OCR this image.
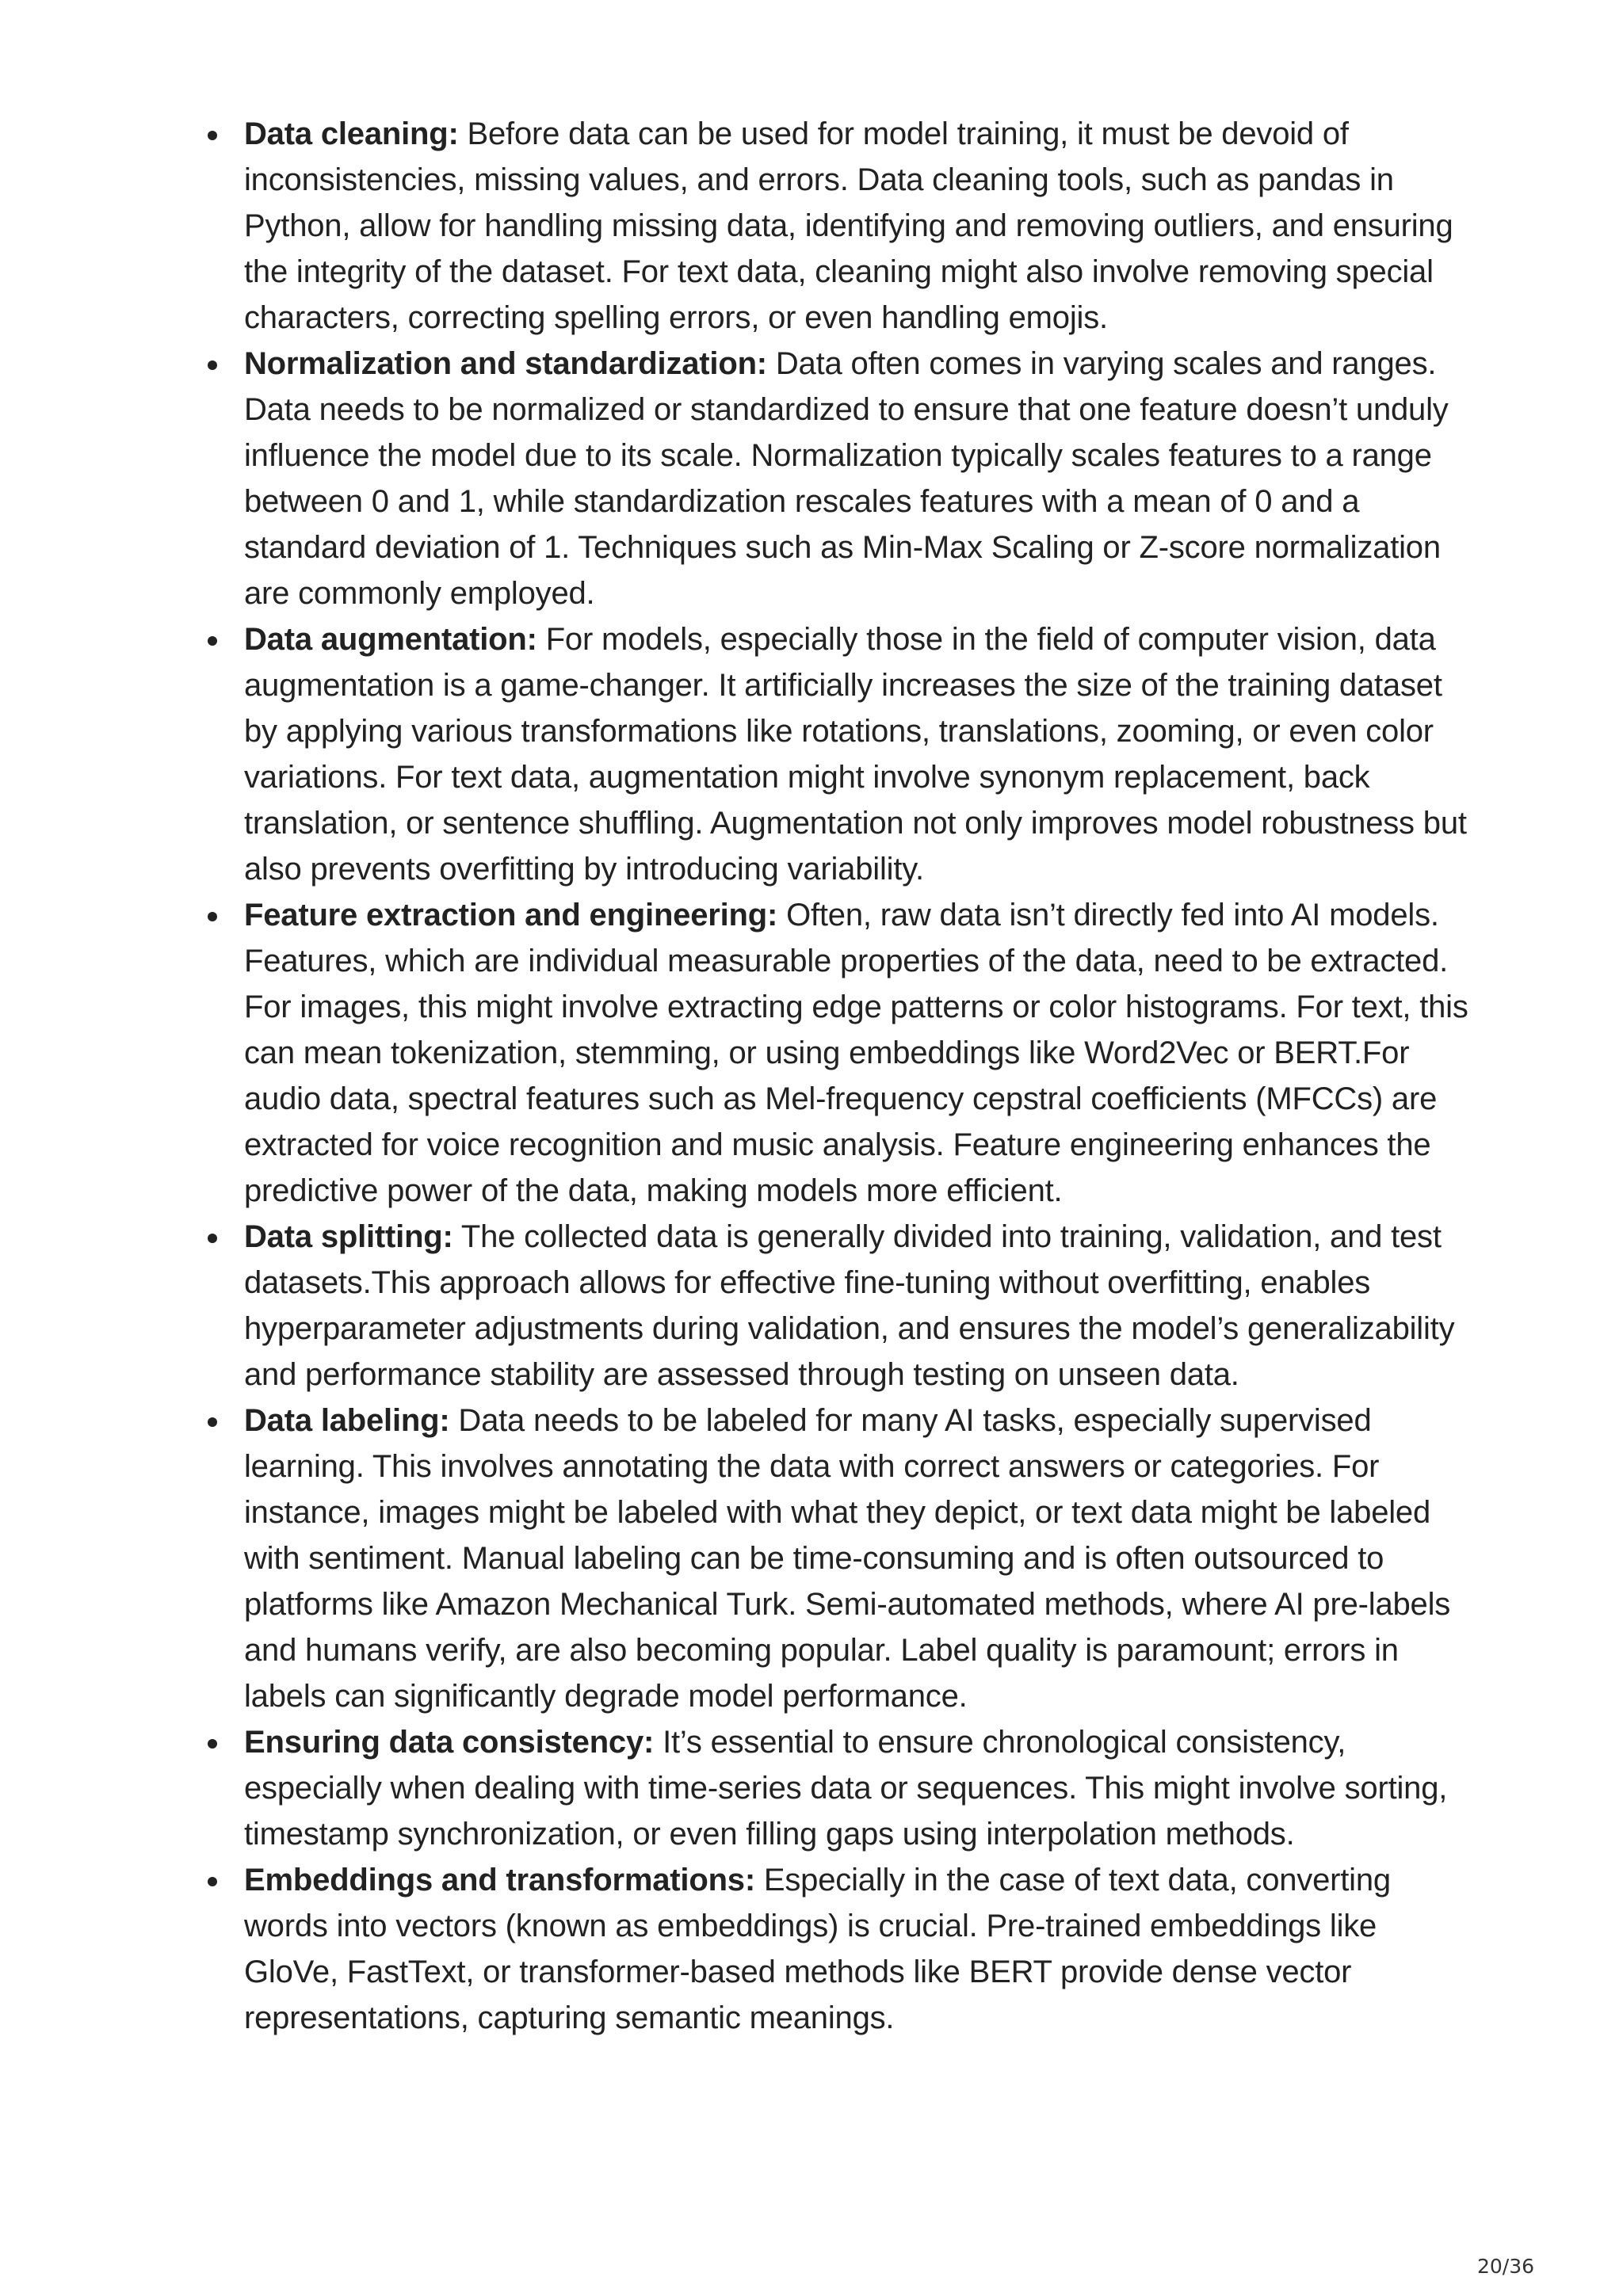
Data cleaning: Before data can be used for model training, it must be devoid of inconsistencies, missing values, and errors. Data cleaning tools, such as pandas in Python, allow for handling missing data, identifying and removing outliers, and ensuring the integrity of the dataset. For text data, cleaning might also involve removing special characters, correcting spelling errors, or even handling emojis.
Normalization and standardization: Data often comes in varying scales and ranges. Data needs to be normalized or standardized to ensure that one feature doesn’t unduly influence the model due to its scale. Normalization typically scales features to a range between 0 and 1, while standardization rescales features with a mean of 0 and a standard deviation of 1. Techniques such as Min-Max Scaling or Z-score normalization are commonly employed.
Data augmentation: For models, especially those in the field of computer vision, data augmentation is a game-changer. It artificially increases the size of the training dataset by applying various transformations like rotations, translations, zooming, or even color variations. For text data, augmentation might involve synonym replacement, back translation, or sentence shuffling. Augmentation not only improves model robustness but also prevents overfitting by introducing variability.
Feature extraction and engineering: Often, raw data isn’t directly fed into AI models. Features, which are individual measurable properties of the data, need to be extracted. For images, this might involve extracting edge patterns or color histograms. For text, this can mean tokenization, stemming, or using embeddings like Word2Vec or BERT.For audio data, spectral features such as Mel-frequency cepstral coefficients (MFCCs) are extracted for voice recognition and music analysis. Feature engineering enhances the predictive power of the data, making models more efficient.
Data splitting: The collected data is generally divided into training, validation, and test datasets.This approach allows for effective fine-tuning without overfitting, enables hyperparameter adjustments during validation, and ensures the model’s generalizability and performance stability are assessed through testing on unseen data.
Data labeling: Data needs to be labeled for many AI tasks, especially supervised learning. This involves annotating the data with correct answers or categories. For instance, images might be labeled with what they depict, or text data might be labeled with sentiment. Manual labeling can be time-consuming and is often outsourced to platforms like Amazon Mechanical Turk. Semi-automated methods, where AI pre-labels and humans verify, are also becoming popular. Label quality is paramount; errors in labels can significantly degrade model performance.
Ensuring data consistency: It’s essential to ensure chronological consistency, especially when dealing with time-series data or sequences. This might involve sorting, timestamp synchronization, or even filling gaps using interpolation methods.
Embeddings and transformations: Especially in the case of text data, converting words into vectors (known as embeddings) is crucial. Pre-trained embeddings like GloVe, FastText, or transformer-based methods like BERT provide dense vector representations, capturing semantic meanings.
20/36
